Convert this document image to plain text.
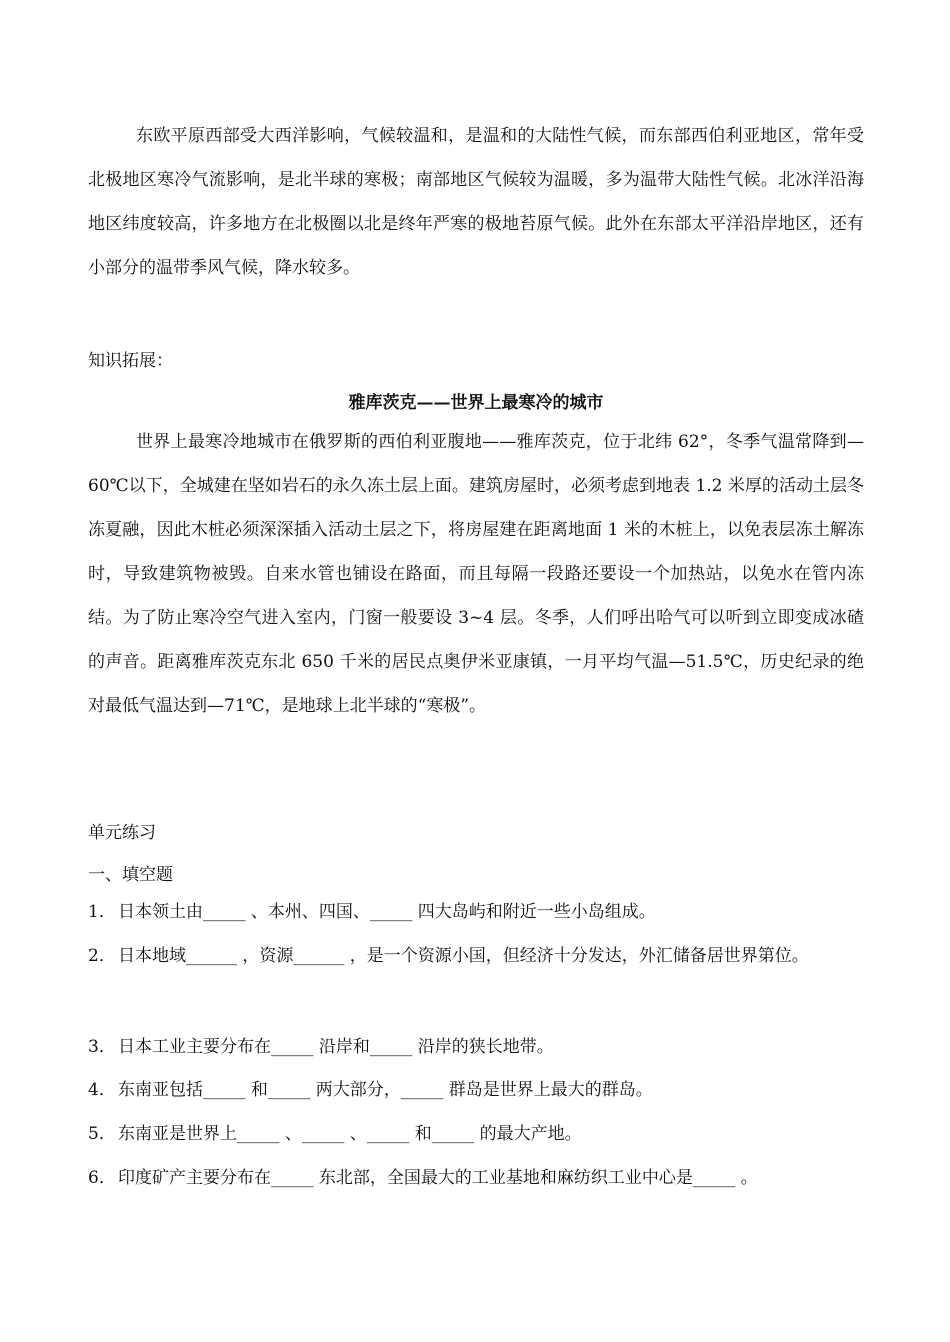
东欧平原西部受大西洋影响，气候较温和，是温和的大陆性气候，而东部西伯利亚地区，常年受北极地区寒冷气流影响，是北半球的寒极；南部地区气候较为温暖，多为温带大陆性气候。北冰洋沿海地区纬度较高，许多地方在北极圈以北是终年严寒的极地苔原气候。此外在东部太平洋沿岸地区，还有小部分的温带季风气候，降水较多。

知识拓展：

雅库茨克——世界上最寒冷的城市

世界上最寒冷地城市在俄罗斯的西伯利亚腹地——雅库茨克，位于北纬 62°，冬季气温常降到—60℃以下，全城建在坚如岩石的永久冻土层上面。建筑房屋时，必须考虑到地表 1.2 米厚的活动土层冬冻夏融，因此木桩必须深深插入活动土层之下，将房屋建在距离地面 1 米的木桩上，以免表层冻土解冻时，导致建筑物被毁。自来水管也铺设在路面，而且每隔一段路还要设一个加热站，以免水在管内冻结。为了防止寒冷空气进入室内，门窗一般要设 3~4 层。冬季，人们呼出哈气可以听到立即变成冰碴的声音。距离雅库茨克东北 650 千米的居民点奥伊米亚康镇，一月平均气温—51.5℃，历史纪录的绝对最低气温达到—71℃，是地球上北半球的“寒极”。

单元练习

一、填空题

1． 日本领土由_____ 、本州、四国、_____ 四大岛屿和附近一些小岛组成。

2． 日本地域______ ，资源______ ，是一个资源小国，但经济十分发达，外汇储备居世界第位。

3． 日本工业主要分布在_____ 沿岸和_____ 沿岸的狭长地带。

4． 东南亚包括_____ 和_____ 两大部分，_____ 群岛是世界上最大的群岛。

5． 东南亚是世界上_____ 、_____ 、_____ 和_____ 的最大产地。

6． 印度矿产主要分布在_____ 东北部，全国最大的工业基地和麻纺织工业中心是_____ 。
